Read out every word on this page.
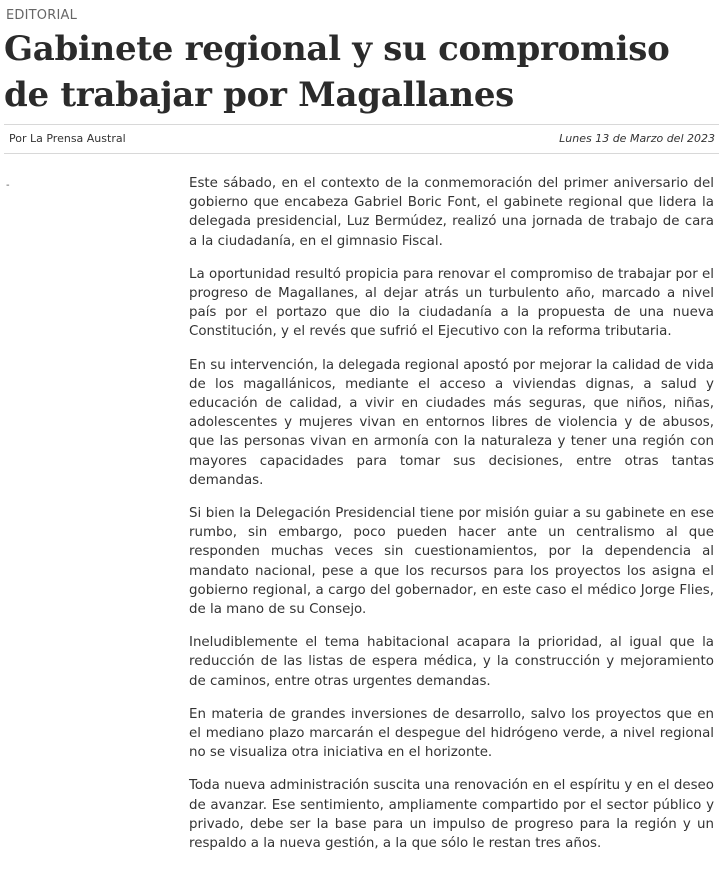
EDITORIAL
Gabinete regional y su compromiso de trabajar por Magallanes
Por La Prensa Austral	Lunes 13 de Marzo del 2023
-	Este sábado, en el contexto de la conmemoración del primer aniversario del gobierno que encabeza Gabriel Boric Font, el gabinete regional que lidera la delegada presidencial, Luz Bermúdez, realizó una jornada de trabajo de cara a la ciudadanía, en el gimnasio Fiscal.

La oportunidad resultó propicia para renovar el compromiso de trabajar por el progreso de Magallanes, al dejar atrás un turbulento año, marcado a nivel país por el portazo que dio la ciudadanía a la propuesta de una nueva Constitución, y el revés que sufrió el Ejecutivo con la reforma tributaria.

En su intervención, la delegada regional apostó por mejorar la calidad de vida de los magallánicos, mediante el acceso a viviendas dignas, a salud y educación de calidad, a vivir en ciudades más seguras, que niños, niñas, adolescentes y mujeres vivan en entornos libres de violencia y de abusos, que las personas vivan en armonía con la naturaleza y tener una región con mayores capacidades para tomar sus decisiones, entre otras tantas demandas.

Si bien la Delegación Presidencial tiene por misión guiar a su gabinete en ese rumbo, sin embargo, poco pueden hacer ante un centralismo al que responden muchas veces sin cuestionamientos, por la dependencia al mandato nacional, pese a que los recursos para los proyectos los asigna el gobierno regional, a cargo del gobernador, en este caso el médico Jorge Flies, de la mano de su Consejo.

Ineludiblemente el tema habitacional acapara la prioridad, al igual que la reducción de las listas de espera médica, y la construcción y mejoramiento de caminos, entre otras urgentes demandas.

En materia de grandes inversiones de desarrollo, salvo los proyectos que en el mediano plazo marcarán el despegue del hidrógeno verde, a nivel regional no se visualiza otra iniciativa en el horizonte.

Toda nueva administración suscita una renovación en el espíritu y en el deseo de avanzar. Ese sentimiento, ampliamente compartido por el sector público y privado, debe ser la base para un impulso de progreso para la región y un respaldo a la nueva gestión, a la que sólo le restan tres años.
